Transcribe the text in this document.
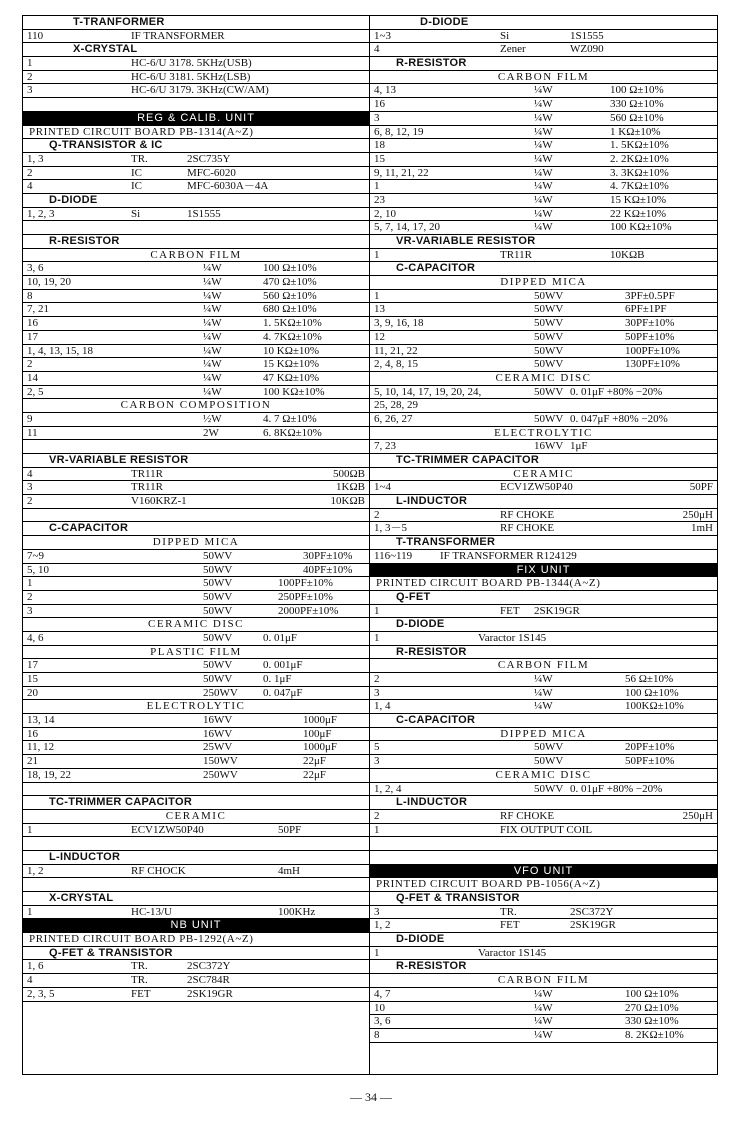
T-TRANFORMER
110	IF TRANSFORMER
X-CRYSTAL
1	HC-6/U 3178. 5KHz(USB)
2	HC-6/U 3181. 5KHz(LSB)
3	HC-6/U 3179. 3KHz(CW/AM)
REG & CALIB. UNIT
PRINTED CIRCUIT BOARD PB-1314(A~Z)
Q-TRANSISTOR & IC
1, 3	TR.	2SC735Y
2	IC	MFC-6020
4	IC	MFC-6030A－4A
D-DIODE
1, 2, 3	Si	1S1555
R-RESISTOR
CARBON FILM
3, 6	¼W	100 Ω±10%
10, 19, 20	¼W	470 Ω±10%
8	¼W	560 Ω±10%
7, 21	¼W	680 Ω±10%
16	¼W	1. 5KΩ±10%
17	¼W	4. 7KΩ±10%
1, 4, 13, 15, 18	¼W	10 KΩ±10%
2	¼W	15 KΩ±10%
14	¼W	47 KΩ±10%
2, 5	¼W	100 KΩ±10%
CARBON COMPOSITION
9	½W	4. 7 Ω±10%
11	2W	6. 8KΩ±10%
VR-VARIABLE RESISTOR
4	TR11R	500ΩB
3	TR11R	1KΩB
2	V160KRZ-1	10KΩB
C-CAPACITOR
DIPPED MICA
7~9	50WV	30PF±10%
5, 10	50WV	40PF±10%
1	50WV	100PF±10%
2	50WV	250PF±10%
3	50WV	2000PF±10%
CERAMIC DISC
4, 6	50WV	0. 01μF
PLASTIC FILM
17	50WV	0. 001μF
15	50WV	0. 1μF
20	250WV 0. 047μF
ELECTROLYTIC
13, 14	16WV	1000μF
16	16WV	100μF
11, 12	25WV	1000μF
21	150WV	22μF
18, 19, 22	250WV	22μF
TC-TRIMMER CAPACITOR
CERAMIC
1	ECV1ZW50P40	50PF
L-INDUCTOR
1, 2	RF CHOCK	4mH
X-CRYSTAL
1	HC-13/U	100KHz
NB UNIT
PRINTED CIRCUIT BOARD PB-1292(A~Z)
Q-FET & TRANSISTOR
1, 6	TR.	2SC372Y
4	TR.	2SC784R
2, 3, 5	FET	2SK19GR
D-DIODE
1~3	Si	1S1555
4	Zener	WZ090
R-RESISTOR
CARBON FILM
4, 13	¼W	100 Ω±10%
16	¼W	330 Ω±10%
3	¼W	560 Ω±10%
6, 8, 12, 19	¼W	1 KΩ±10%
18	¼W	1. 5KΩ±10%
15	¼W	2. 2KΩ±10%
9, 11, 21, 22	¼W	3. 3KΩ±10%
1	¼W	4. 7KΩ±10%
23	¼W	15 KΩ±10%
2, 10	¼W	22 KΩ±10%
5, 7, 14, 17, 20	¼W	100 KΩ±10%
VR-VARIABLE RESISTOR
1	TR11R	10KΩB
C-CAPACITOR
DIPPED MICA
1	50WV	3PF±0.5PF
13	50WV	6PF±1PF
3, 9, 16, 18	50WV	30PF±10%
12	50WV	50PF±10%
11, 21, 22	50WV	100PF±10%
2, 4, 8, 15	50WV	130PF±10%
CERAMIC DISC
5, 10, 14, 17, 19, 20, 24,	50WV 0. 01μF +80% −20%
25, 28, 29
6, 26, 27	50WV 0. 047μF +80% −20%
ELECTROLYTIC
7, 23	16WV 1μF
TC-TRIMMER CAPACITOR
CERAMIC
1~4	ECV1ZW50P40	50PF
L-INDUCTOR
2	RF CHOKE	250μH
1, 3－5	RF CHOKE	1mH
T-TRANSFORMER
116~119	IF TRANSFORMER R124129
FIX UNIT
PRINTED CIRCUIT BOARD PB-1344(A~Z)
Q-FET
1	FET 2SK19GR
D-DIODE
1	Varactor 1S145
R-RESISTOR
CARBON FILM
2	¼W	56 Ω±10%
3	¼W	100 Ω±10%
1, 4	¼W	100KΩ±10%
C-CAPACITOR
DIPPED MICA
5	50WV	20PF±10%
3	50WV	50PF±10%
CERAMIC DISC
1, 2, 4	50WV 0. 01μF +80% −20%
L-INDUCTOR
2	RF CHOKE	250μH
1	FIX OUTPUT COIL
VFO UNIT
PRINTED CIRCUIT BOARD PB-1056(A~Z)
Q-FET & TRANSISTOR
3	TR.	2SC372Y
1, 2	FET	2SK19GR
D-DIODE
1	Varactor 1S145
R-RESISTOR
CARBON FILM
4, 7	¼W	100 Ω±10%
10	¼W	270 Ω±10%
3, 6	¼W	330 Ω±10%
8	¼W	8. 2KΩ±10%
— 34 —
